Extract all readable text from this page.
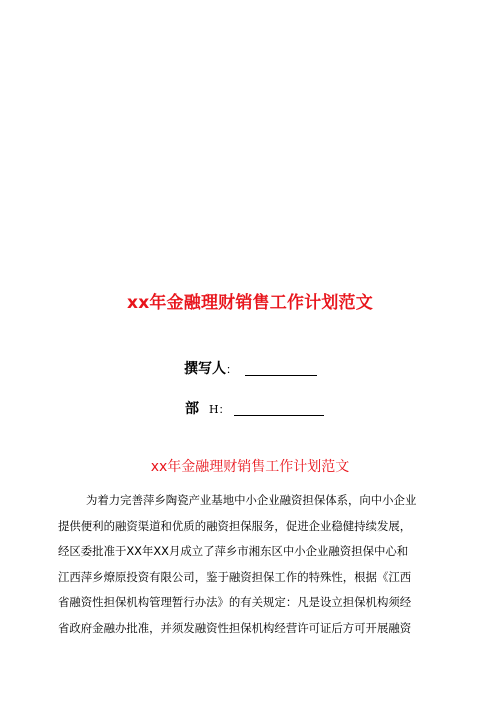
xx年金融理财销售工作计划范文
撰写人 ：
部 H：
xx年金融理财销售工作计划范文
为着力完善萍乡陶瓷产业基地中小企业融资担保体系，向中小企业
提供便利的融资渠道和优质的融资担保服务，促进企业稳健持续发展，
经区委批准于XX年XX月成立了萍乡市湘东区中小企业融资担保中心和
江西萍乡燎原投资有限公司，鉴于融资担保工作的特殊性，根据《江西
省融资性担保机构管理暂行办法》的有关规定：凡是设立担保机构须经
省政府金融办批准，并须发融资性担保机构经营许可证后方可开展融资
